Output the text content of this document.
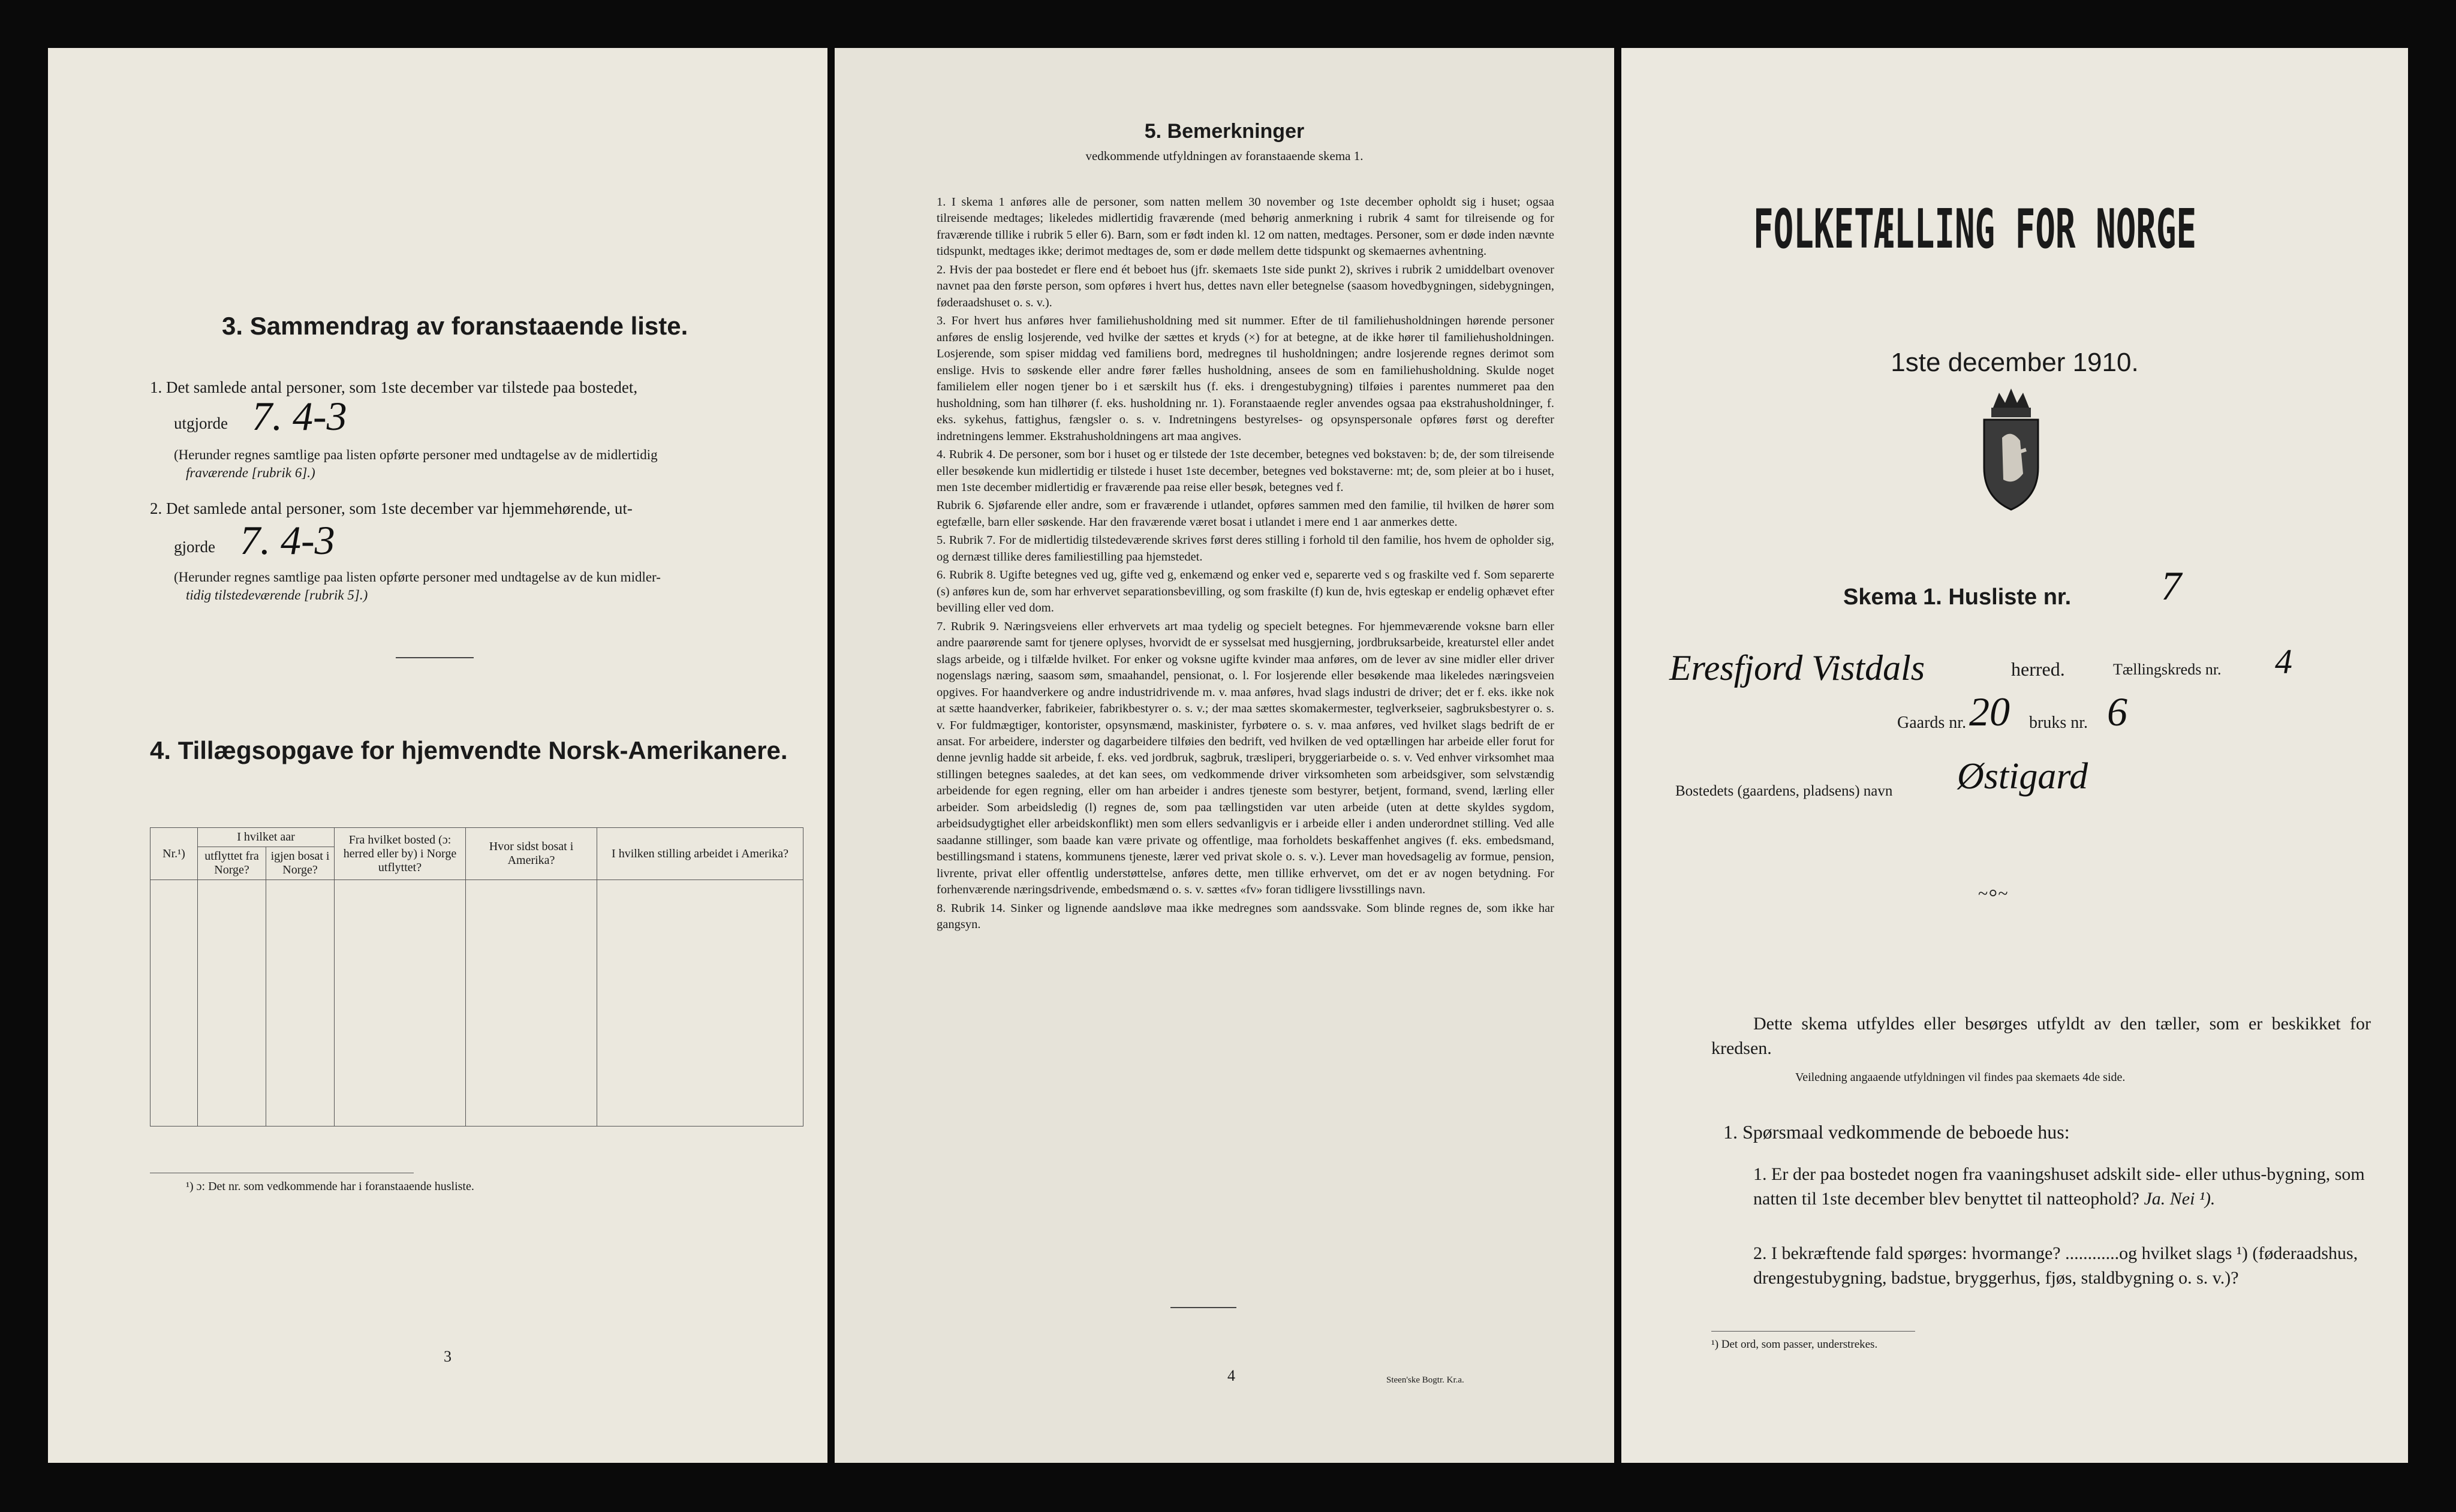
3. Sammendrag av foranstaaende liste.
1. Det samlede antal personer, som 1ste december var tilstede paa bostedet,
utgjorde 7. 4-3
(Herunder regnes samtlige paa listen opførte personer med undtagelse av de midlertidig
fraværende [rubrik 6].)
2. Det samlede antal personer, som 1ste december var hjemmehørende, ut-
gjorde 7. 4-3
(Herunder regnes samtlige paa listen opførte personer med undtagelse av de kun midler-
tidig tilstedeværende [rubrik 5].)
4. Tillægsopgave for hjemvendte Norsk-Amerikanere.
Nr.¹)	I hvilket aar		Fra hvilket bosted (ɔ: herred eller by) i Norge utflyttet?	Hvor sidst bosat i Amerika?	I hvilken stilling arbeidet i Amerika?
	utflyttet fra Norge?	igjen bosat i Norge?			

¹) ɔ: Det nr. som vedkommende har i foranstaaende husliste.
3
5. Bemerkninger
vedkommende utfyldningen av foranstaaende skema 1.

1. I skema 1 anføres alle de personer, som natten mellem 30 november og 1ste december opholdt sig i huset; ogsaa tilreisende medtages; likeledes midlertidig fraværende (med behørig anmerkning i rubrik 4 samt for tilreisende og for fraværende tillike i rubrik 5 eller 6). Barn, som er født inden kl. 12 om natten, medtages. Personer, som er døde inden nævnte tidspunkt, medtages ikke; derimot medtages de, som er døde mellem dette tidspunkt og skemaernes avhentning.

2. Hvis der paa bostedet er flere end ét beboet hus (jfr. skemaets 1ste side punkt 2), skrives i rubrik 2 umiddelbart ovenover navnet paa den første person, som opføres i hvert hus, dettes navn eller betegnelse (saasom hovedbygningen, sidebygningen, føderaadshuset o. s. v.).

3. For hvert hus anføres hver familiehusholdning med sit nummer. Efter de til familiehusholdningen hørende personer anføres de enslig losjerende, ved hvilke der sættes et kryds (×) for at betegne, at de ikke hører til familiehusholdningen. Losjerende, som spiser middag ved familiens bord, medregnes til husholdningen; andre losjerende regnes derimot som enslige. Hvis to søskende eller andre fører fælles husholdning, ansees de som en familiehusholdning. Skulde noget familielem eller nogen tjener bo i et særskilt hus (f. eks. i drengestubygning) tilføies i parentes nummeret paa den husholdning, som han tilhører (f. eks. husholdning nr. 1). Foranstaaende regler anvendes ogsaa paa ekstrahusholdninger, f. eks. sykehus, fattighus, fængsler o. s. v. Indretningens bestyrelses- og opsynspersonale opføres først og derefter indretningens lemmer. Ekstrahusholdningens art maa angives.

4. Rubrik 4. De personer, som bor i huset og er tilstede der 1ste december, betegnes ved bokstaven: b; de, der som tilreisende eller besøkende kun midlertidig er tilstede i huset 1ste december, betegnes ved bokstaverne: mt; de, som pleier at bo i huset, men 1ste december midlertidig er fraværende paa reise eller besøk, betegnes ved f.

Rubrik 6. Sjøfarende eller andre, som er fraværende i utlandet, opføres sammen med den familie, til hvilken de hører som egtefælle, barn eller søskende. Har den fraværende været bosat i utlandet i mere end 1 aar anmerkes dette.

5. Rubrik 7. For de midlertidig tilstedeværende skrives først deres stilling i forhold til den familie, hos hvem de opholder sig, og dernæst tillike deres familiestilling paa hjemstedet.

6. Rubrik 8. Ugifte betegnes ved ug, gifte ved g, enkemænd og enker ved e, separerte ved s og fraskilte ved f. Som separerte (s) anføres kun de, som har erhvervet separationsbevilling, og som fraskilte (f) kun de, hvis egteskap er endelig ophævet efter bevilling eller ved dom.

7. Rubrik 9. Næringsveiens eller erhvervets art maa tydelig og specielt betegnes. For hjemmeværende voksne barn eller andre paarørende samt for tjenere oplyses, hvorvidt de er sysselsat med husgjerning, jordbruksarbeide, kreaturstel eller andet slags arbeide, og i tilfælde hvilket. For enker og voksne ugifte kvinder maa anføres, om de lever av sine midler eller driver nogenslags næring, saasom søm, smaahandel, pensionat, o. l. For losjerende eller besøkende maa likeledes næringsveien opgives. For haandverkere og andre industridrivende m. v. maa anføres, hvad slags industri de driver; det er f. eks. ikke nok at sætte haandverker, fabrikeier, fabrikbestyrer o. s. v.; der maa sættes skomakermester, teglverkseier, sagbruksbestyrer o. s. v. For fuldmægtiger, kontorister, opsynsmænd, maskinister, fyrbøtere o. s. v. maa anføres, ved hvilket slags bedrift de er ansat. For arbeidere, inderster og dagarbeidere tilføies den bedrift, ved hvilken de ved optællingen har arbeide eller forut for denne jevnlig hadde sit arbeide, f. eks. ved jordbruk, sagbruk, træsliperi, bryggeriarbeide o. s. v. Ved enhver virksomhet maa stillingen betegnes saaledes, at det kan sees, om vedkommende driver virksomheten som arbeidsgiver, som selvstændig arbeidende for egen regning, eller om han arbeider i andres tjeneste som bestyrer, betjent, formand, svend, lærling eller arbeider. Som arbeidsledig (l) regnes de, som paa tællingstiden var uten arbeide (uten at dette skyldes sygdom, arbeidsudygtighet eller arbeidskonflikt) men som ellers sedvanligvis er i arbeide eller i anden underordnet stilling. Ved alle saadanne stillinger, som baade kan være private og offentlige, maa forholdets beskaffenhet angives (f. eks. embedsmand, bestillingsmand i statens, kommunens tjeneste, lærer ved privat skole o. s. v.). Lever man hovedsagelig av formue, pension, livrente, privat eller offentlig understøttelse, anføres dette, men tillike erhvervet, om det er av nogen betydning. For forhenværende næringsdrivende, embedsmænd o. s. v. sættes «fv» foran tidligere livsstillings navn.

8. Rubrik 14. Sinker og lignende aandsløve maa ikke medregnes som aandssvake. Som blinde regnes de, som ikke har gangsyn.

4	Steen'ske Bogtr. Kr.a.
FOLKETÆLLING FOR NORGE
1ste december 1910.
Skema 1. Husliste nr. 7
Eresfjord Vistdals	herred.	Tællingskreds nr. 4
Gaards nr. 20 bruks nr. 6
Bostedets (gaardens, pladsens) navn Østigard
~⸰~
Dette skema utfyldes eller besørges utfyldt av den tæller, som er beskikket for kredsen.
Veiledning angaaende utfyldningen vil findes paa skemaets 4de side.
1. Spørsmaal vedkommende de beboede hus:
1. Er der paa bostedet nogen fra vaaningshuset adskilt side- eller uthus-bygning, som natten til 1ste december blev benyttet til natteophold? Ja. Nei ¹).
2. I bekræftende fald spørges: hvormange? ............og hvilket slags ¹) (føderaadshus, drengestubygning, badstue, bryggerhus, fjøs, staldbygning o. s. v.)?
¹) Det ord, som passer, understrekes.
